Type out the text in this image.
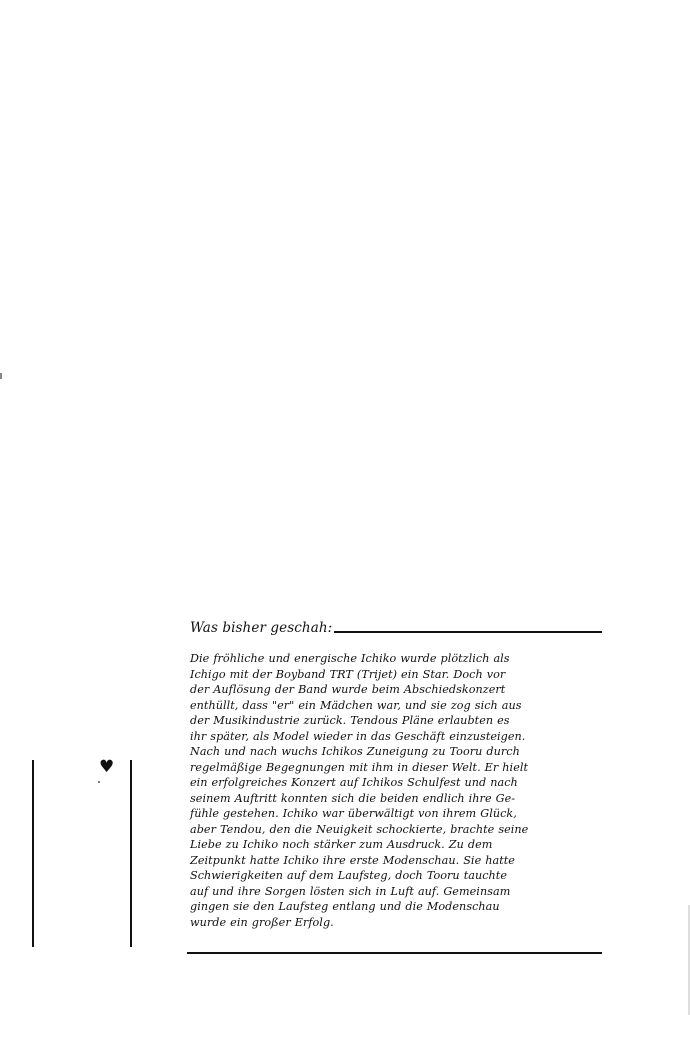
Was bisher geschah:
Die fröhliche und energische Ichiko wurde plötzlich als
Ichigo mit der Boyband TRT (Trijet) ein Star. Doch vor
der Auflösung der Band wurde beim Abschiedskonzert
enthüllt, dass "er" ein Mädchen war, und sie zog sich aus
der Musikindustrie zurück. Tendous Pläne erlaubten es
ihr später, als Model wieder in das Geschäft einzusteigen.
Nach und nach wuchs Ichikos Zuneigung zu Tooru durch
regelmäßige Begegnungen mit ihm in dieser Welt. Er hielt
ein erfolgreiches Konzert auf Ichikos Schulfest und nach
seinem Auftritt konnten sich die beiden endlich ihre Ge-
fühle gestehen. Ichiko war überwältigt von ihrem Glück,
aber Tendou, den die Neuigkeit schockierte, brachte seine
Liebe zu Ichiko noch stärker zum Ausdruck. Zu dem
Zeitpunkt hatte Ichiko ihre erste Modenschau. Sie hatte
Schwierigkeiten auf dem Laufsteg, doch Tooru tauchte
auf und ihre Sorgen lösten sich in Luft auf. Gemeinsam
gingen sie den Laufsteg entlang und die Modenschau
wurde ein großer Erfolg.
♥
